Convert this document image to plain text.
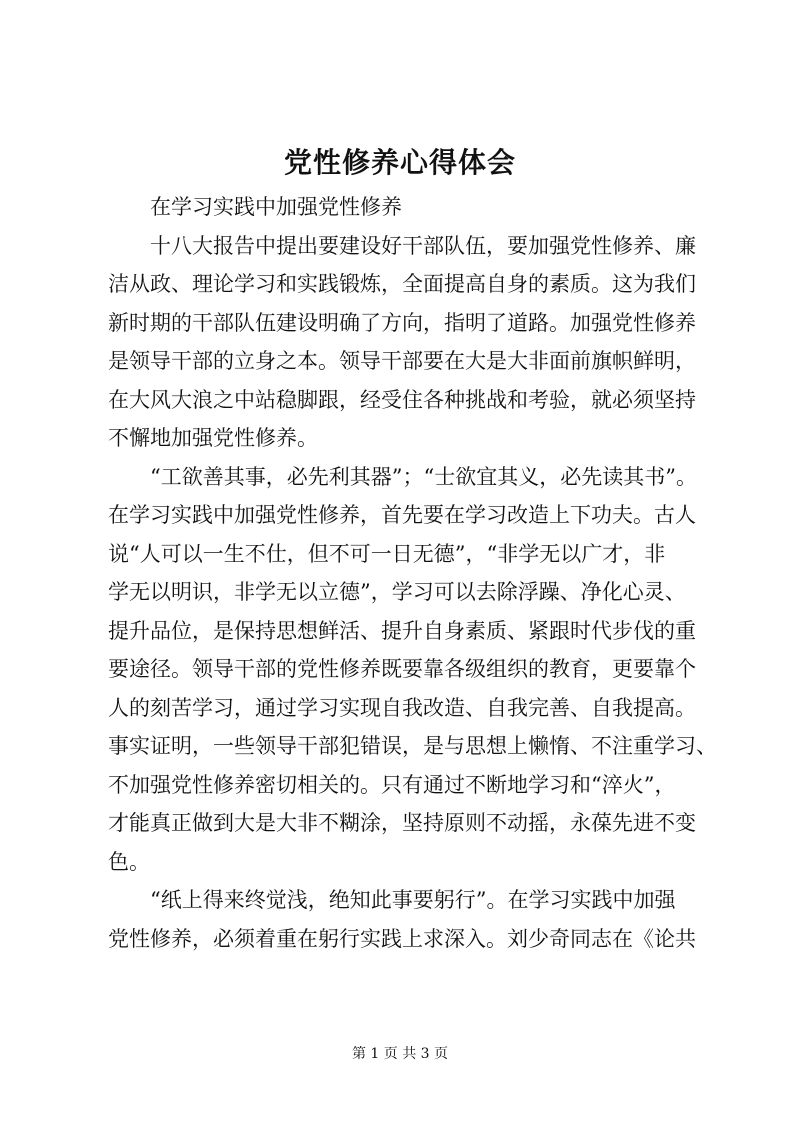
党性修养心得体会
在学习实践中加强党性修养
十八大报告中提出要建设好干部队伍，要加强党性修养、廉
洁从政、理论学习和实践锻炼，全面提高自身的素质。这为我们
新时期的干部队伍建设明确了方向，指明了道路。加强党性修养
是领导干部的立身之本。领导干部要在大是大非面前旗帜鲜明，
在大风大浪之中站稳脚跟，经受住各种挑战和考验，就必须坚持
不懈地加强党性修养。
“工欲善其事，必先利其器”；“士欲宜其义，必先读其书”。
在学习实践中加强党性修养，首先要在学习改造上下功夫。古人
说“人可以一生不仕，但不可一日无德”，“非学无以广才，非
学无以明识，非学无以立德”，学习可以去除浮躁、净化心灵、
提升品位，是保持思想鲜活、提升自身素质、紧跟时代步伐的重
要途径。领导干部的党性修养既要靠各级组织的教育，更要靠个
人的刻苦学习，通过学习实现自我改造、自我完善、自我提高。
事实证明，一些领导干部犯错误，是与思想上懒惰、不注重学习、
不加强党性修养密切相关的。只有通过不断地学习和“淬火”，
才能真正做到大是大非不糊涂，坚持原则不动摇，永葆先进不变
色。
“纸上得来终觉浅，绝知此事要躬行”。在学习实践中加强
党性修养，必须着重在躬行实践上求深入。刘少奇同志在《论共
第 1 页 共 3 页
